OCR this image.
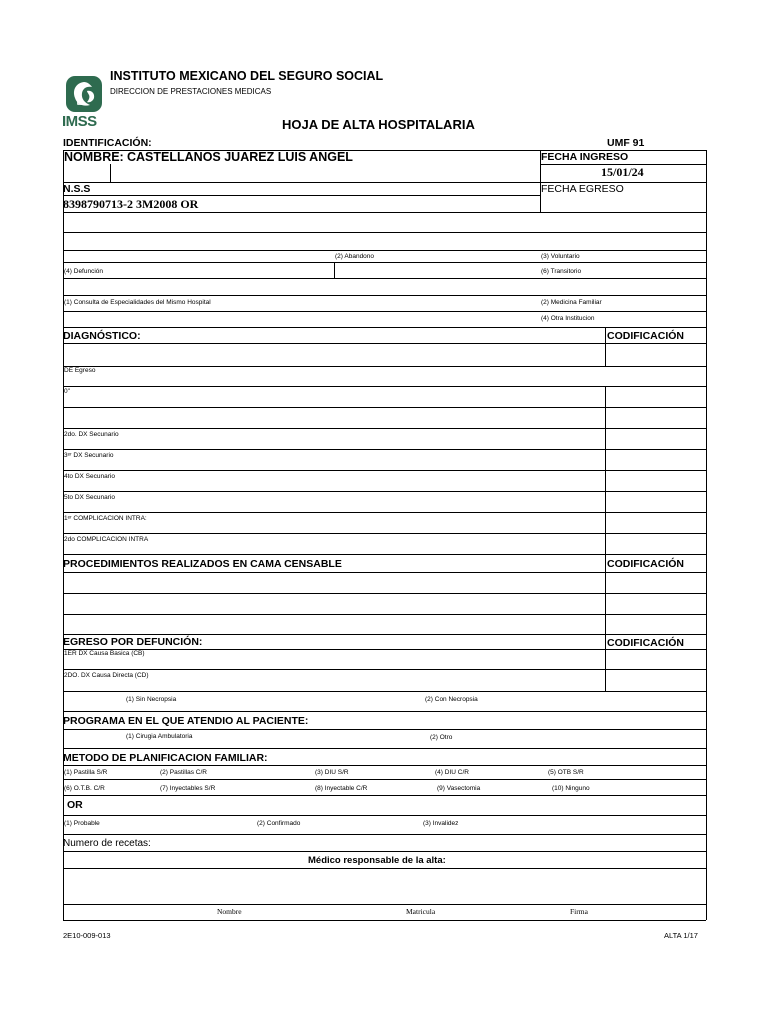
IMSS
INSTITUTO MEXICANO DEL SEGURO SOCIAL
DIRECCION DE PRESTACIONES MEDICAS
HOJA DE ALTA HOSPITALARIA
IDENTIFICACIÓN:	UMF 91
NOMBRE: CASTELLANOS JUAREZ LUIS ANGEL	FECHA INGRESO
15/01/24
N.S.S	FECHA EGRESO
8398790713-2 3M2008 OR
(2) Abandono	(3) Voluntario
(4) Defunción	(6) Transitorio
(1) Consulta de Especialidades del Mismo Hospital	(2) Medicina Familiar
(4) Otra Institucion
DIAGNÓSTICO:	CODIFICACIÓN
DE Egreso
0"
2do. DX Secunario
3ᵉʳ DX Secunario
4to DX Secunario
5to DX Secunario
1ᵉʳ COMPLICACION INTRA:
2do COMPLICACION INTRA
PROCEDIMIENTOS REALIZADOS EN CAMA CENSABLE	CODIFICACIÓN
EGRESO POR DEFUNCIÓN:	CODIFICACIÓN
1ER DX Causa Basica (CB)
2DO. DX Causa Directa (CD)
(1) Sin Necropsia	(2) Con Necropsia
PROGRAMA EN EL QUE ATENDIO AL PACIENTE:
(1) Cirugia Ambulatoria	(2) Otro
METODO DE PLANIFICACION FAMILIAR:
(1) Pastilla S/R	(2) Pastillas C/R	(3) DIU S/R	(4) DIU C/R	(5) OTB S/R
(6) O.T.B. C/R	(7) Inyectables S/R	(8) Inyectable C/R	(9) Vasectomia	(10) Ninguno
OR
(1) Probable	(2) Confirmado	(3) Invalidez
Numero de recetas:
Médico responsable de la alta:
Nombre	Matricula	Firma
2E10-009-013	ALTA 1/17
